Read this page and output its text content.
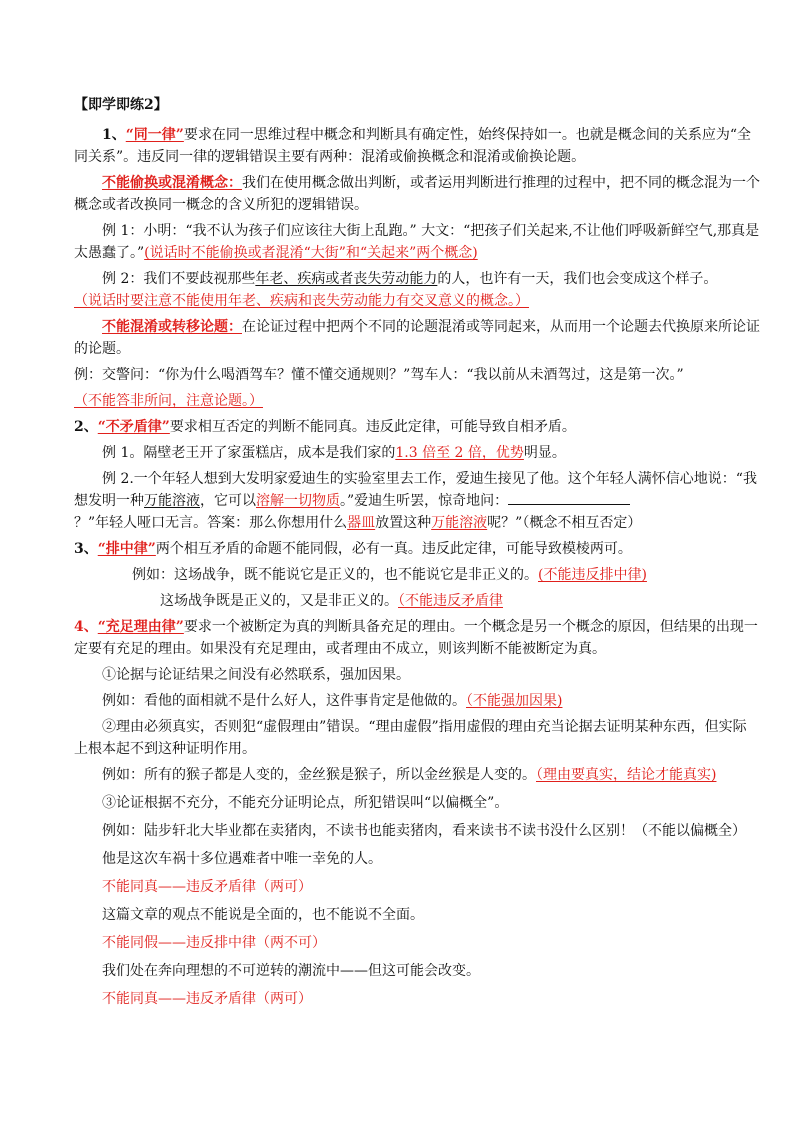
【即学即练2】

1、“同一律”要求在同一思维过程中概念和判断具有确定性，始终保持如一。也就是概念间的关系应为“全同关系”。违反同一律的逻辑错误主要有两种：混淆或偷换概念和混淆或偷换论题。

不能偷换或混淆概念：我们在使用概念做出判断，或者运用判断进行推理的过程中，把不同的概念混为一个概念或者改换同一概念的含义所犯的逻辑错误。

例 1：小明：“我不认为孩子们应该往大街上乱跑。” 大文：“把孩子们关起来,不让他们呼吸新鲜空气,那真是太愚蠢了。”(说话时不能偷换或者混淆“大街”和“关起来”两个概念)

例 2：我们不要歧视那些年老、疾病或者丧失劳动能力的人，也许有一天，我们也会变成这个样子。

（说话时要注意不能使用年老、疾病和丧失劳动能力有交叉意义的概念。）

不能混淆或转移论题：在论证过程中把两个不同的论题混淆或等同起来，从而用一个论题去代换原来所论证的论题。

例：交警问：“你为什么喝酒驾车？懂不懂交通规则？”驾车人：“我以前从未酒驾过，这是第一次。”

（不能答非所问，注意论题。）

2、“不矛盾律”要求相互否定的判断不能同真。违反此定律，可能导致自相矛盾。

例 1。隔壁老王开了家蛋糕店，成本是我们家的1.3 倍至 2 倍，优势明显。

例 2.一个年轻人想到大发明家爱迪生的实验室里去工作，爱迪生接见了他。这个年轻人满怀信心地说：“我想发明一种万能溶液，它可以溶解一切物质。”爱迪生听罢，惊奇地问：

？”年轻人哑口无言。答案：那么你想用什么器皿放置这种万能溶液呢？”（概念不相互否定）

3、“排中律”两个相互矛盾的命题不能同假，必有一真。违反此定律，可能导致模棱两可。

例如：这场战争，既不能说它是正义的，也不能说它是非正义的。(不能违反排中律)

这场战争既是正义的，又是非正义的。（不能违反矛盾律

4、“充足理由律”要求一个被断定为真的判断具备充足的理由。一个概念是另一个概念的原因，但结果的出现一定要有充足的理由。如果没有充足理由，或者理由不成立，则该判断不能被断定为真。

①论据与论证结果之间没有必然联系，强加因果。

例如：看他的面相就不是什么好人，这件事肯定是他做的。（不能强加因果)

②理由必须真实，否则犯“虚假理由”错误。“理由虚假”指用虚假的理由充当论据去证明某种东西，但实际上根本起不到这种证明作用。

例如：所有的猴子都是人变的，金丝猴是猴子，所以金丝猴是人变的。（理由要真实，结论才能真实)

③论证根据不充分，不能充分证明论点，所犯错误叫“以偏概全”。

例如：陆步轩北大毕业都在卖猪肉，不读书也能卖猪肉，看来读书不读书没什么区别！（不能以偏概全）

他是这次车祸十多位遇难者中唯一幸免的人。

不能同真——违反矛盾律（两可）

这篇文章的观点不能说是全面的，也不能说不全面。

不能同假——违反排中律（两不可）

我们处在奔向理想的不可逆转的潮流中——但这可能会改变。

不能同真——违反矛盾律（两可）
